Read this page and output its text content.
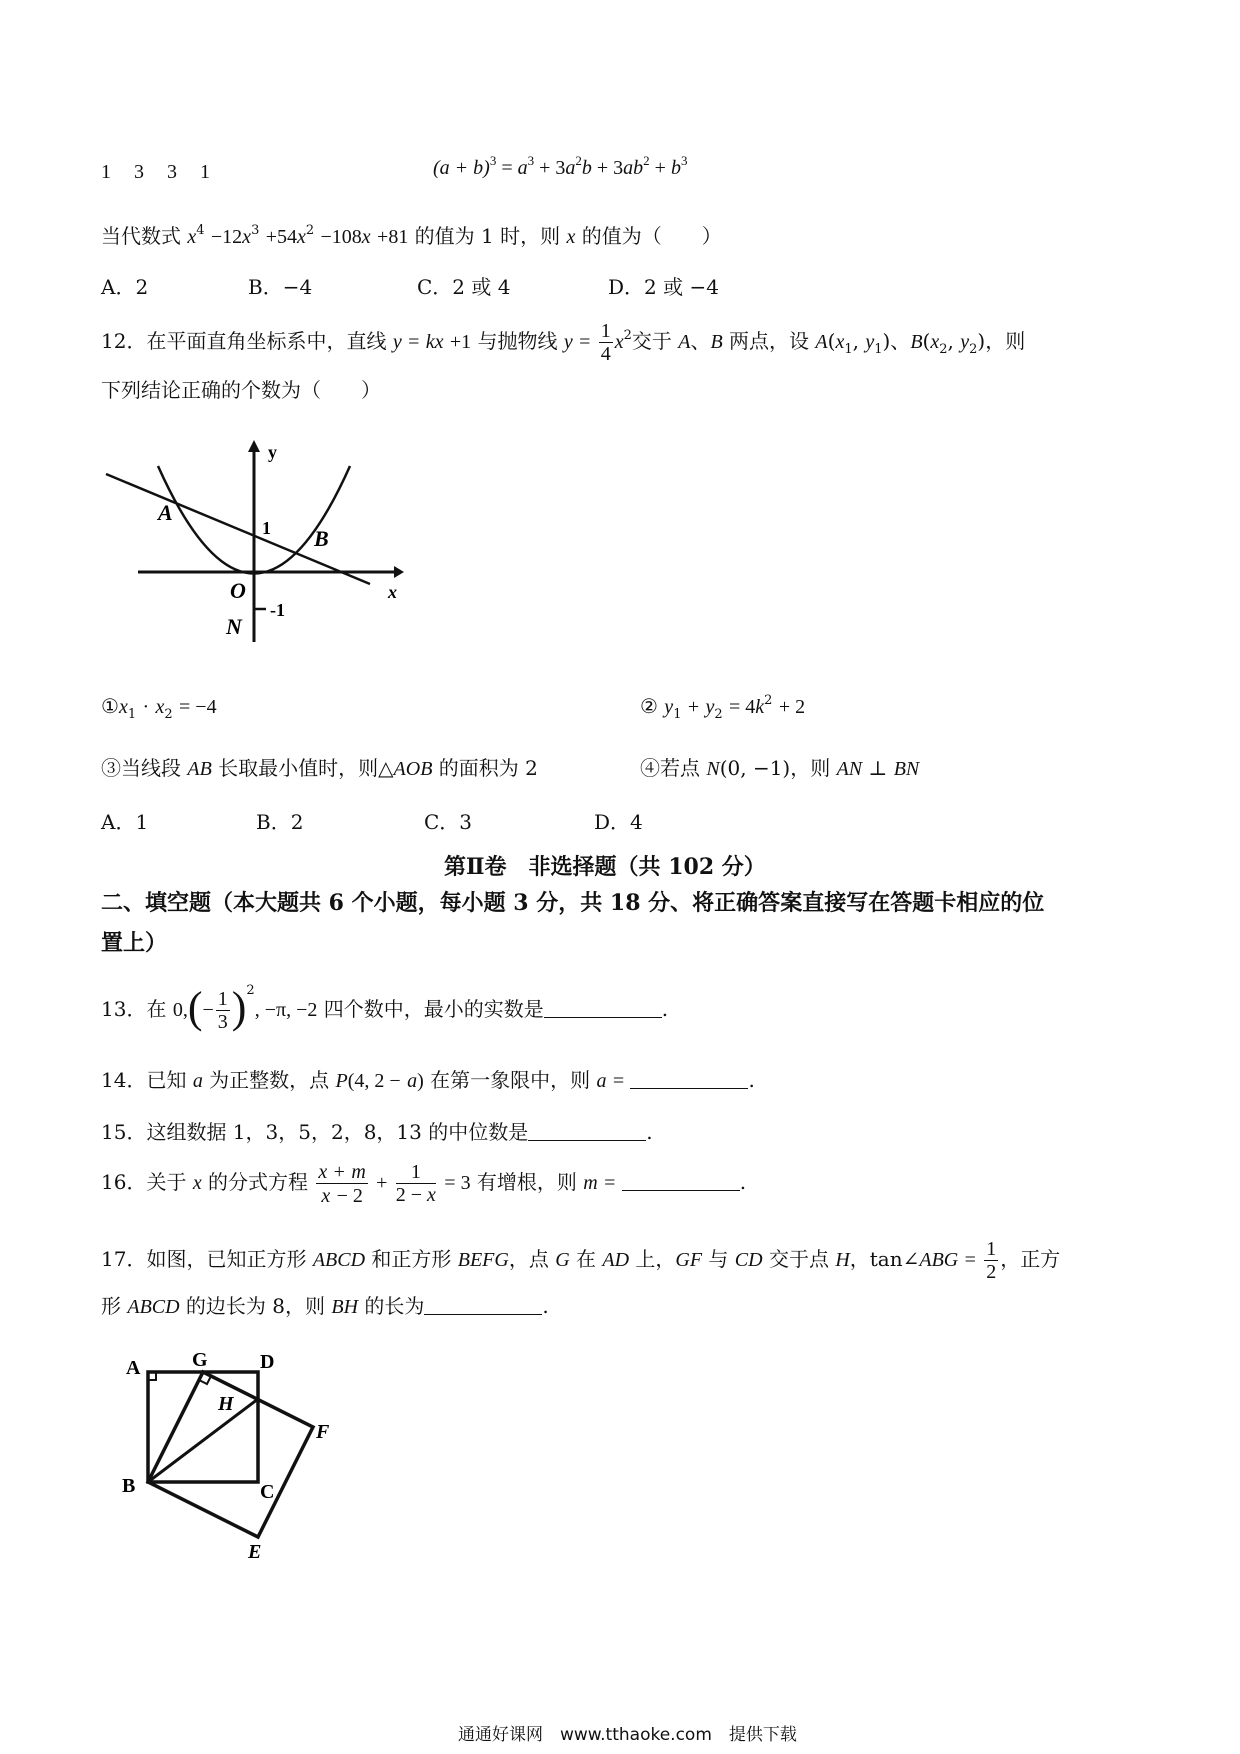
1 3 3 1	$(a + b)^3 = a^3 + 3a^2b + 3ab^2 + b^3$
当代数式 $x^4 -12x^3 +54x^2 -108x +81$ 的值为 1 时，则 x 的值为（　　）
A．2	B．−4	C．2 或 4	D．2 或 −4
12．在平面直角坐标系中，直线 y = kx +1 与抛物线 $y = \frac{1}{4} x^2$交于 A、B 两点，设 $A(x_1$, $y_1$)、$B(x_2$, $y_2$)，则
下列结论正确的个数为（　　）
y
x
A
B
O
N
1
-1
$①x_1 \cdot x_2 = -4$	② $y_1 + y_2 = 4k^2 + 2$
③当线段 AB 长取最小值时，则△AOB 的面积为 2	④若点 N(0, −1)，则 AN ⊥ BN
A．1	B．2	C．3	D．4
第Ⅱ卷　非选择题（共 102 分）
二、填空题（本大题共 6 个小题，每小题 3 分，共 18 分、将正确答案直接写在答题卡相应的位
置上）
13．在 $0,(- \frac{1}{3} )^2$, −π, −2 四个数中，最小的实数是	.
14．已知 a 为正整数，点 P(4, 2 − a) 在第一象限中，则 a =	.
15．这组数据 1，3，5，2，8，13 的中位数是	.
16．关于 x 的分式方程 $\frac{x + m}{x - 2} + \frac{1}{2 - x} = 3$ 有增根，则 m =	.
17．如图，已知正方形 ABCD 和正方形 BEFG，点 G 在 AD 上，GF 与 CD 交于点 H，tan∠ABG = $\frac{1}{2}$ ，正方
形 ABCD 的边长为 8，则 BH 的长为	.
A	G	D
H
F
B	C
E
通通好课网　www.tthaoke.com　提供下载
